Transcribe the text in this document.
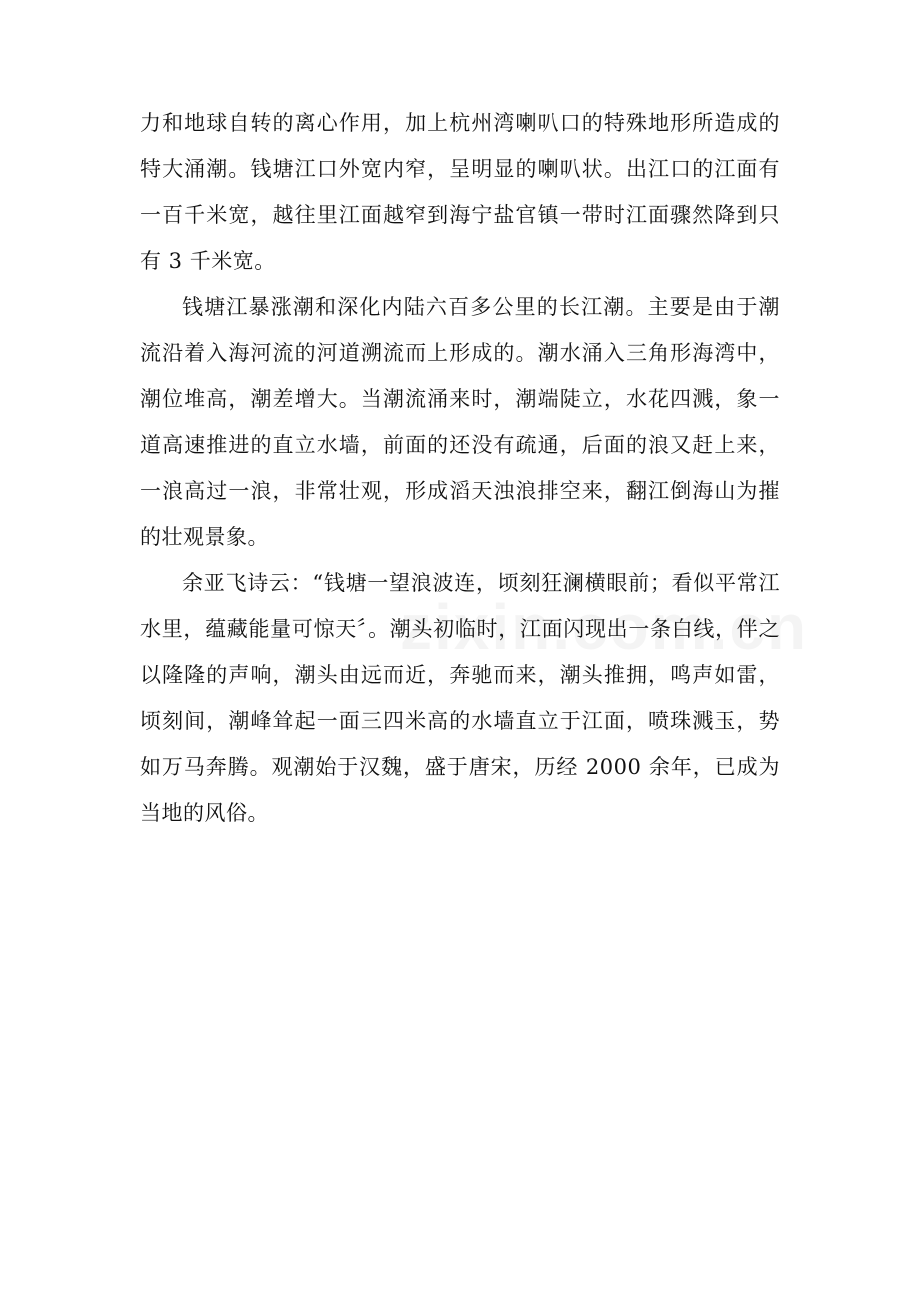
力和地球自转的离心作用，加上杭州湾喇叭口的特殊地形所造成的特大涌潮。钱塘江口外宽内窄，呈明显的喇叭状。出江口的江面有一百千米宽，越往里江面越窄到海宁盐官镇一带时江面骤然降到只有 3 千米宽。

钱塘江暴涨潮和深化内陆六百多公里的长江潮。主要是由于潮流沿着入海河流的河道溯流而上形成的。潮水涌入三角形海湾中，潮位堆高，潮差增大。当潮流涌来时，潮端陡立，水花四溅，象一道高速推进的直立水墙，前面的还没有疏通，后面的浪又赶上来，一浪高过一浪，非常壮观，形成滔天浊浪排空来，翻江倒海山为摧的壮观景象。

余亚飞诗云：“钱塘一望浪波连，顷刻狂澜横眼前；看似平常江水里，蕴藏能量可惊天〞。潮头初临时，江面闪现出一条白线，伴之以隆隆的声响，潮头由远而近，奔驰而来，潮头推拥，鸣声如雷，顷刻间，潮峰耸起一面三四米高的水墙直立于江面，喷珠溅玉，势如万马奔腾。观潮始于汉魏，盛于唐宋，历经 2000 余年，已成为当地的风俗。
